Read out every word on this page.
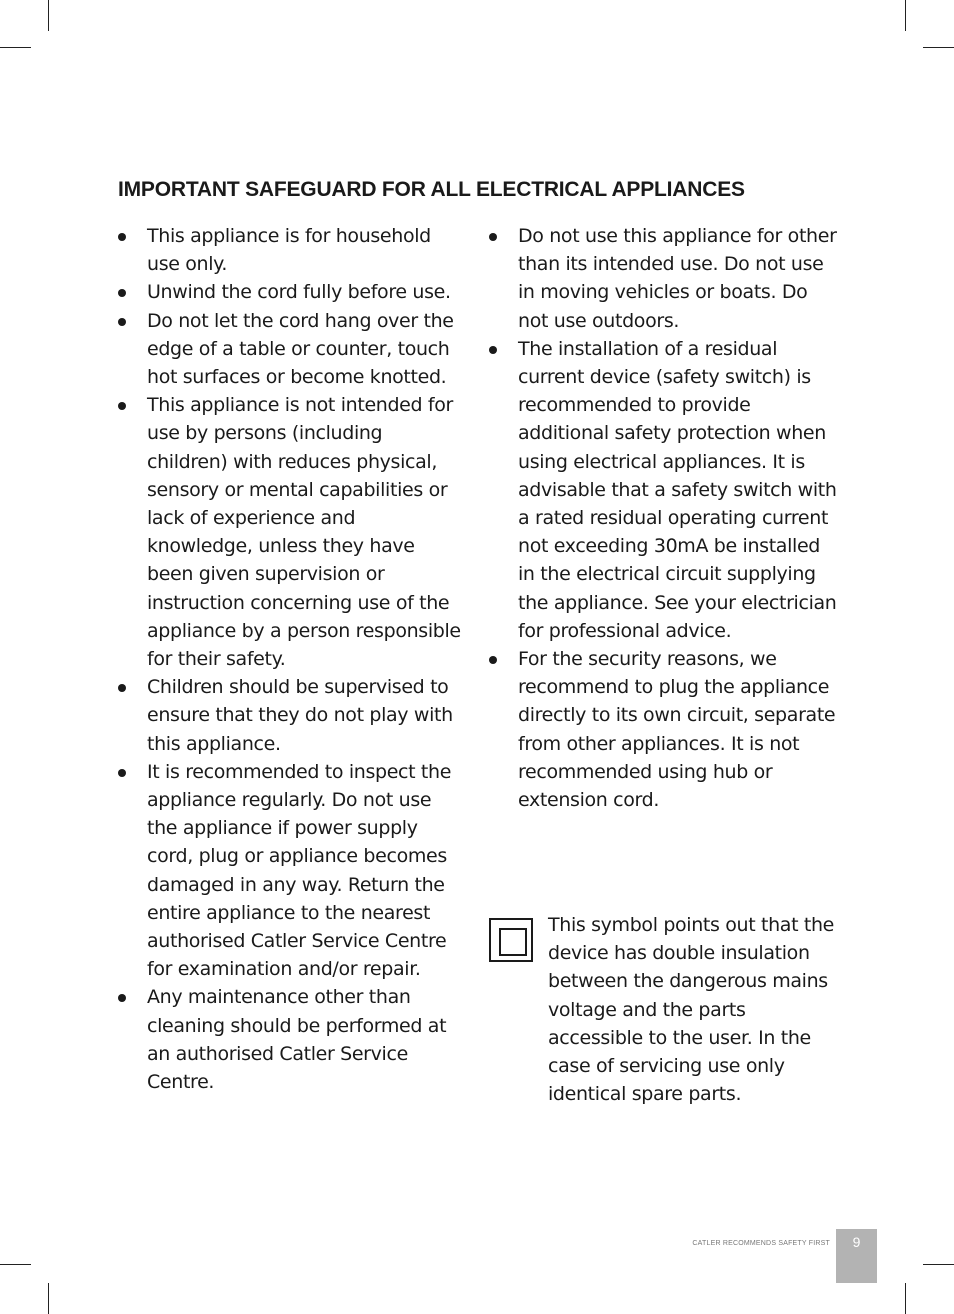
IMPORTANT SAFEGUARD FOR ALL ELECTRICAL APPLIANCES
This appliance is for household use only.
Unwind the cord fully before use.
Do not let the cord hang over the edge of a table or counter, touch hot surfaces or become knotted.
This appliance is not intended for use by persons (including children) with reduces physical, sensory or mental capabilities or lack of experience and knowledge, unless they have been given supervision or instruction concerning use of the appliance by a person responsible for their safety.
Children should be supervised to ensure that they do not play with this appliance.
It is recommended to inspect the appliance regularly. Do not use the appliance if power supply cord, plug or appliance becomes damaged in any way. Return the entire appliance to the nearest authorised Catler Service Centre for examination and/or repair.
Any maintenance other than cleaning should be performed at an authorised Catler Service Centre.
Do not use this appliance for other than its intended use. Do not use in moving vehicles or boats. Do not use outdoors.
The installation of a residual current device (safety switch) is recommended to provide additional safety protection when using electrical appliances. It is advisable that a safety switch with a rated residual operating current not exceeding 30mA be installed in the electrical circuit supplying the appliance. See your electrician for professional advice.
For the security reasons, we recommend to plug the appliance directly to its own circuit, separate from other appliances. It is not recommended using hub or extension cord.

This symbol points out that the device has double insulation between the dangerous mains voltage and the parts accessible to the user. In the case of servicing use only identical spare parts.

CATLER RECOMMENDS SAFETY FIRST	9
